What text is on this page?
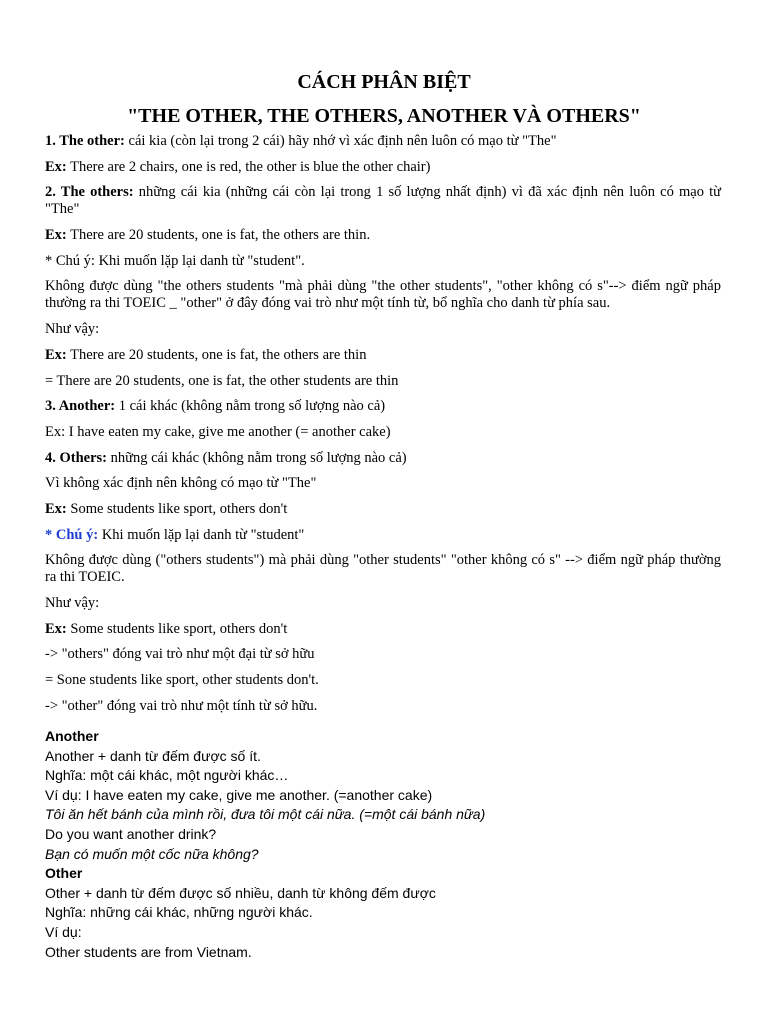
CÁCH PHÂN BIỆT

"THE OTHER, THE OTHERS, ANOTHER VÀ OTHERS"

1. The other: cái kia (còn lại trong 2 cái) hãy nhớ vì xác định nên luôn có mạo từ "The"

Ex: There are 2 chairs, one is red, the other is blue the other chair)

2. The others: những cái kia (những cái còn lại trong 1 số lượng nhất định) vì đã xác định nên luôn có mạo từ "The"

Ex: There are 20 students, one is fat, the others are thin.

* Chú ý: Khi muốn lặp lại danh từ "student".

Không được dùng "the others students "mà phải dùng "the other students", "other không có s"--> điểm ngữ pháp thường ra thi TOEIC _ "other" ở đây đóng vai trò như một tính từ, bổ nghĩa cho danh từ phía sau.

Như vậy:

Ex: There are 20 students, one is fat, the others are thin

= There are 20 students, one is fat, the other students are thin

3. Another: 1 cái khác (không nằm trong số lượng nào cả)

Ex: I have eaten my cake, give me another (= another cake)

4. Others: những cái khác (không nằm trong số lượng nào cả)

Vì không xác định nên không có mạo từ "The"

Ex: Some students like sport, others don't

* Chú ý: Khi muốn lặp lại danh từ "student"

Không được dùng ("others students") mà phải dùng "other students" "other không có s" --> điểm ngữ pháp thường ra thi TOEIC.

Như vậy:

Ex: Some students like sport, others don't

-> "others" đóng vai trò như một đại từ sở hữu

= Sone students like sport, other students don't.

-> "other" đóng vai trò như một tính từ sở hữu.

Another
Another + danh từ đếm được số ít.
Nghĩa: một cái khác, một người khác…
Ví dụ: I have eaten my cake, give me another. (=another cake)
Tôi ăn hết bánh của mình rồi, đưa tôi một cái nữa. (=một cái bánh nữa)
Do you want another drink?
Bạn có muốn một cốc nữa không?
Other
Other + danh từ đếm được số nhiều, danh từ không đếm được
Nghĩa: những cái khác, những người khác.
Ví dụ:
Other students are from Vietnam.
